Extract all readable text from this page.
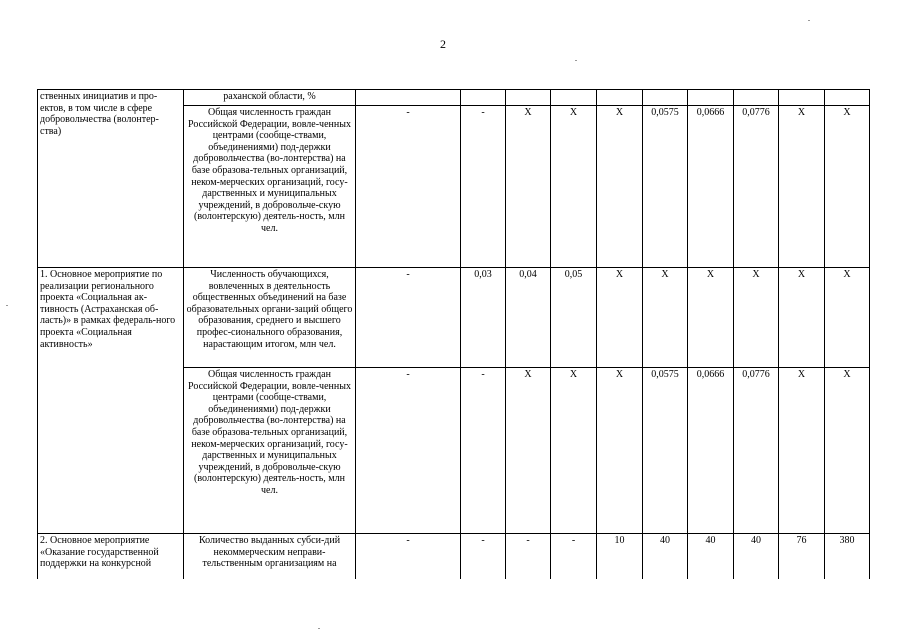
2
ственных инициатив и про-
ектов, в том числе в сфере
добровольчества (волонтер-
ства)	раханской области, %										
	Общая численность граждан Российской Федерации, вовле-ченных центрами (сообще-ствами, объединениями) под-держки добровольчества (во-лонтерства) на базе образова-тельных организаций, неком-мерческих организаций, госу-дарственных и муниципальных учреждений, в добровольче-скую (волонтерскую) деятель-ность, млн чел.	-	-	X	X	X	0,0575	0,0666	0,0776	X	X
1. Основное мероприятие по реализации регионального проекта «Социальная ак-тивность (Астраханская об-ласть)» в рамках федераль-ного проекта «Социальная активность»	Численность обучающихся, вовлеченных в деятельность общественных объединений на базе образовательных органи-заций общего образования, среднего и высшего профес-сионального образования, нарастающим итогом, млн чел.	-	0,03	0,04	0,05	X	X	X	X	X	X
	Общая численность граждан Российской Федерации, вовле-ченных центрами (сообще-ствами, объединениями) под-держки добровольчества (во-лонтерства) на базе образова-тельных организаций, неком-мерческих организаций, госу-дарственных и муниципальных учреждений, в добровольче-скую (волонтерскую) деятель-ность, млн чел.	-	-	X	X	X	0,0575	0,0666	0,0776	X	X
2. Основное мероприятие «Оказание государственной поддержки на конкурсной	Количество выданных субси-дий некоммерческим неправи-тельственным организациям на	-	-	-	-	10	40	40	40	76	380
